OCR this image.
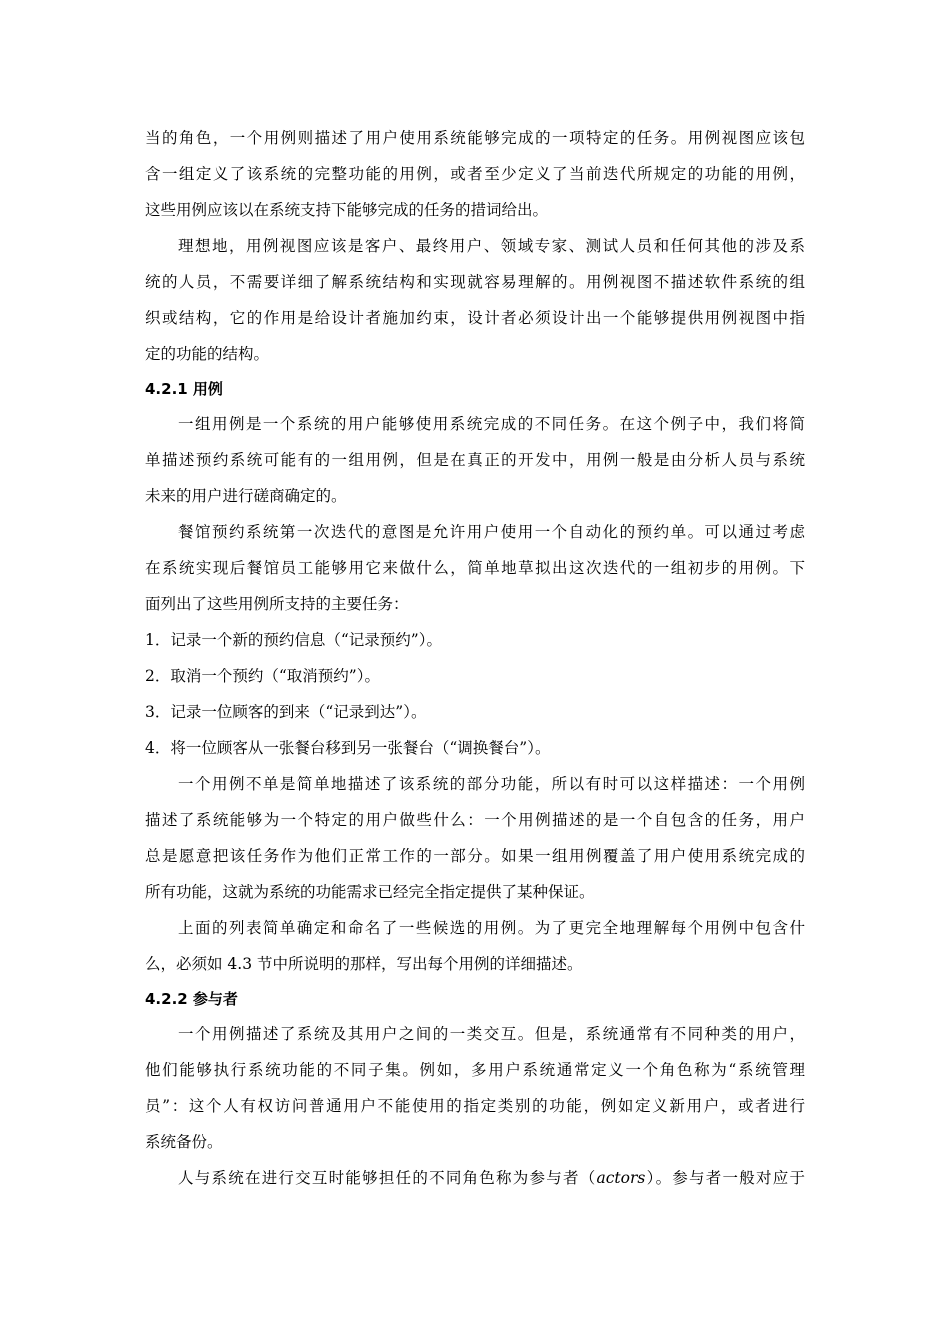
当的角色，一个用例则描述了用户使用系统能够完成的一项特定的任务。用例视图应该包
含一组定义了该系统的完整功能的用例，或者至少定义了当前迭代所规定的功能的用例，
这些用例应该以在系统支持下能够完成的任务的措词给出。
理想地，用例视图应该是客户、最终用户、领域专家、测试人员和任何其他的涉及系
统的人员，不需要详细了解系统结构和实现就容易理解的。用例视图不描述软件系统的组
织或结构，它的作用是给设计者施加约束，设计者必须设计出一个能够提供用例视图中指
定的功能的结构。
4.2.1 用例
一组用例是一个系统的用户能够使用系统完成的不同任务。在这个例子中，我们将简
单描述预约系统可能有的一组用例，但是在真正的开发中，用例一般是由分析人员与系统
未来的用户进行磋商确定的。
餐馆预约系统第一次迭代的意图是允许用户使用一个自动化的预约单。可以通过考虑
在系统实现后餐馆员工能够用它来做什么，简单地草拟出这次迭代的一组初步的用例。下
面列出了这些用例所支持的主要任务：
1．记录一个新的预约信息（“记录预约”）。
2．取消一个预约（“取消预约”）。
3．记录一位顾客的到来（“记录到达”）。
4．将一位顾客从一张餐台移到另一张餐台（“调换餐台”）。
一个用例不单是简单地描述了该系统的部分功能，所以有时可以这样描述：一个用例
描述了系统能够为一个特定的用户做些什么：一个用例描述的是一个自包含的任务，用户
总是愿意把该任务作为他们正常工作的一部分。如果一组用例覆盖了用户使用系统完成的
所有功能，这就为系统的功能需求已经完全指定提供了某种保证。
上面的列表简单确定和命名了一些候选的用例。为了更完全地理解每个用例中包含什
么，必须如 4.3 节中所说明的那样，写出每个用例的详细描述。
4.2.2 参与者
一个用例描述了系统及其用户之间的一类交互。但是，系统通常有不同种类的用户，
他们能够执行系统功能的不同子集。例如，多用户系统通常定义一个角色称为“系统管理
员”：这个人有权访问普通用户不能使用的指定类别的功能，例如定义新用户，或者进行
系统备份。
人与系统在进行交互时能够担任的不同角色称为参与者（actors）。参与者一般对应于
